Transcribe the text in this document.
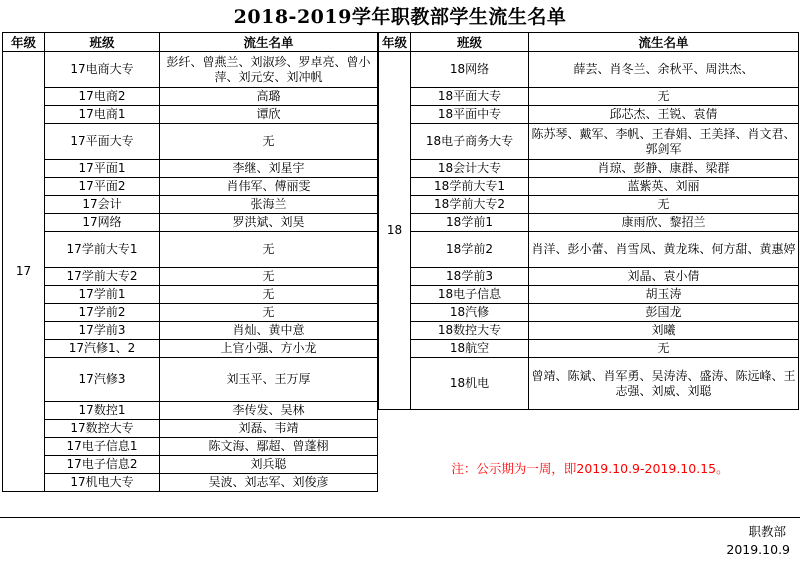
2018-2019学年职教部学生流生名单
年级	班级	流生名单
17	17电商大专	彭纤、曾燕兰、刘淑珍、罗卓亮、曾小萍、刘元安、刘冲帆
	17电商2	高璐
	17电商1	谭欣
	17平面大专	无
	17平面1	李继、刘星宇
	17平面2	肖伟军、傅丽雯
	17会计	张海兰
	17网络	罗洪斌、刘昊
	17学前大专1	无
	17学前大专2	无
	17学前1	无
	17学前2	无
	17学前3	肖灿、黄中意
	17汽修1、2	上官小强、方小龙
	17汽修3	刘玉平、王万厚
	17数控1	李传发、吴林
	17数控大专	刘磊、韦靖
	17电子信息1	陈文海、鄢超、曾蓬栩
	17电子信息2	刘兵聪
	17机电大专	吴波、刘志军、刘俊彦
年级	班级	流生名单
18	18网络	薛芸、肖冬兰、余秋平、周洪杰、
	18平面大专	无
	18平面中专	邱芯杰、王锐、袁倩
	18电子商务大专	陈苏琴、戴军、李帆、王春娟、王美择、肖文君、郭剑军
	18会计大专	肖琼、彭静、康群、梁群
	18学前大专1	蓝紫英、刘丽
	18学前大专2	无
	18学前1	康雨欣、黎招兰
	18学前2	肖洋、彭小蕾、肖雪凤、黄龙珠、何方甜、黄惠婷
	18学前3	刘晶、袁小倩
	18电子信息	胡玉涛
	18汽修	彭国龙
	18数控大专	刘曦
	18航空	无
	18机电	曾靖、陈斌、肖军勇、吴涛涛、盛涛、陈远峰、王志强、刘威、刘聪
注：公示期为一周，即2019.10.9-2019.10.15。
职教部
2019.10.9
